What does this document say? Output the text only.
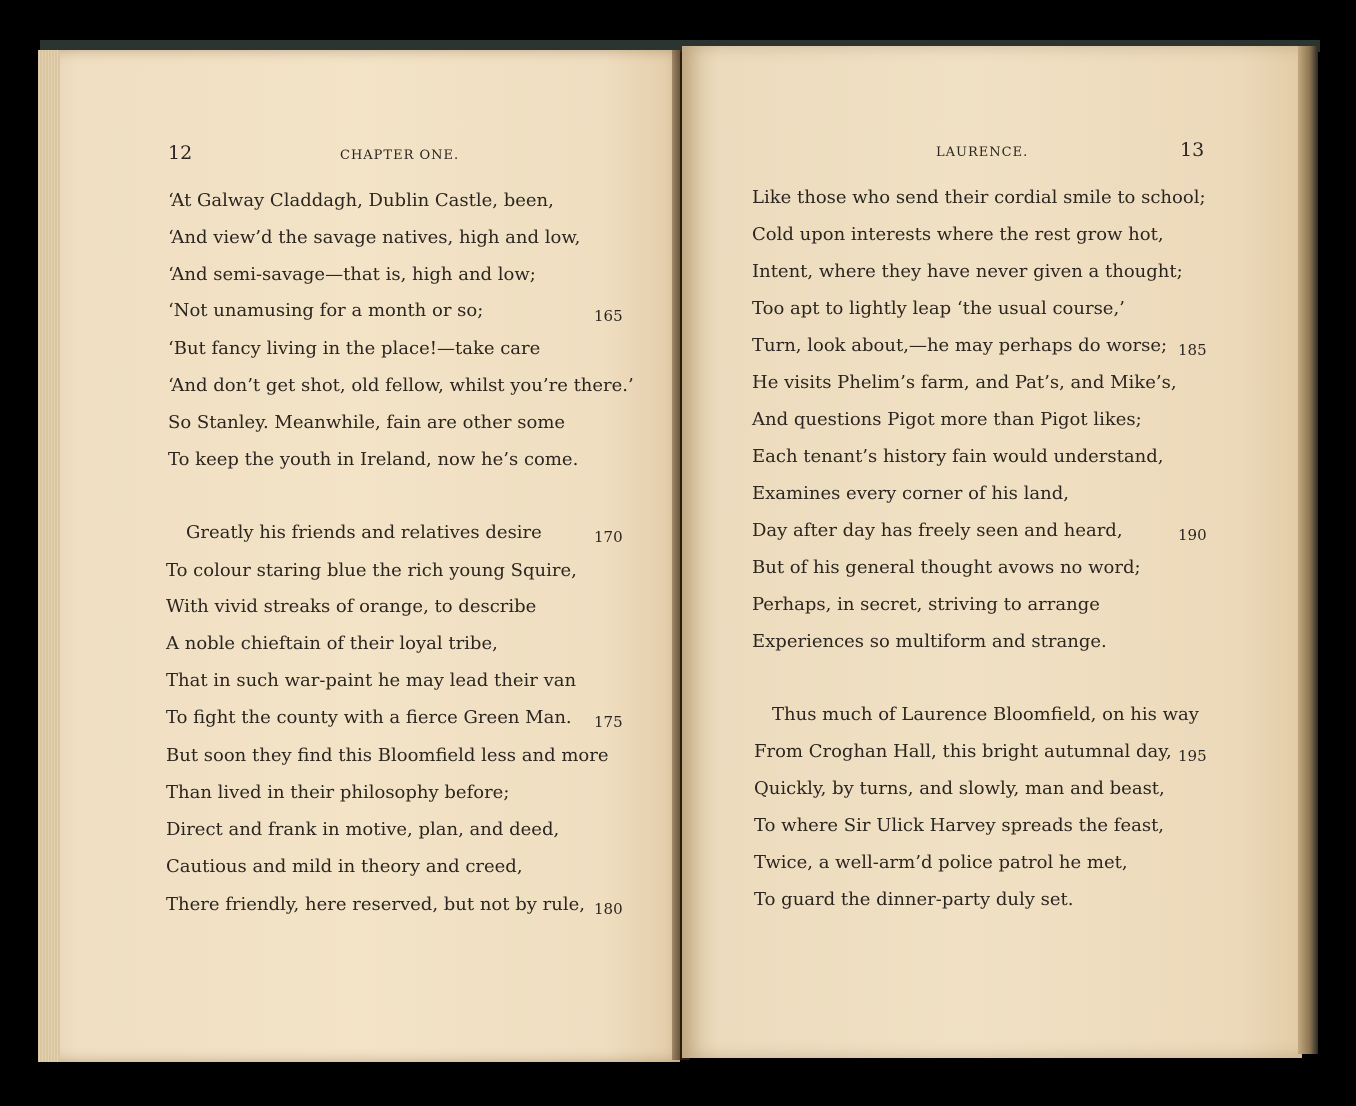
12	CHAPTER ONE.
‘At Galway Claddagh, Dublin Castle, been,
‘And view’d the savage natives, high and low,
‘And semi-savage—that is, high and low;
‘Not unamusing for a month or so;	165
‘But fancy living in the place!—take care
‘And don’t get shot, old fellow, whilst you’re there.’
So Stanley. Meanwhile, fain are other some
To keep the youth in Ireland, now he’s come.
Greatly his friends and relatives desire	170
To colour staring blue the rich young Squire,
With vivid streaks of orange, to describe
A noble chieftain of their loyal tribe,
That in such war-paint he may lead their van
To fight the county with a fierce Green Man. 175
But soon they find this Bloomfield less and more
Than lived in their philosophy before;
Direct and frank in motive, plan, and deed,
Cautious and mild in theory and creed,
There friendly, here reserved, but not by rule, 180
LAURENCE.	13
Like those who send their cordial smile to school;
Cold upon interests where the rest grow hot,
Intent, where they have never given a thought;
Too apt to lightly leap ‘the usual course,’
Turn, look about,—he may perhaps do worse; 185
He visits Phelim’s farm, and Pat’s, and Mike’s,
And questions Pigot more than Pigot likes;
Each tenant’s history fain would understand,
Examines every corner of his land,
Day after day has freely seen and heard,	190
But of his general thought avows no word;
Perhaps, in secret, striving to arrange
Experiences so multiform and strange.
Thus much of Laurence Bloomfield, on his way
From Croghan Hall, this bright autumnal day, 195
Quickly, by turns, and slowly, man and beast,
To where Sir Ulick Harvey spreads the feast,
Twice, a well-arm’d police patrol he met,
To guard the dinner-party duly set.
